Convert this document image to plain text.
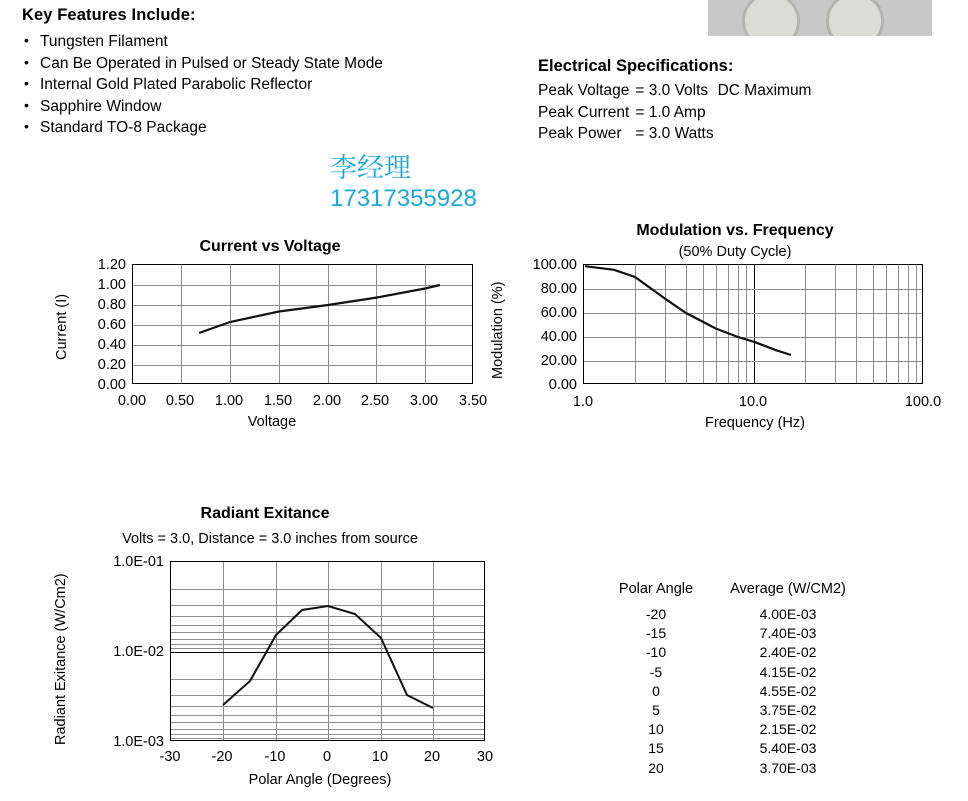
Key Features Include:
• Tungsten Filament
• Can Be Operated in Pulsed or Steady State Mode
• Internal Gold Plated Parabolic Reflector
• Sapphire Window
• Standard TO-8 Package
Electrical Specifications:
Peak Voltage	= 3.0 Volts	DC Maximum
Peak Current	= 1.0 Amp	
Peak Power	= 3.0 Watts	
李经理
17317355928
Current vs Voltage
0.00
0.20
0.40
0.60
0.80
1.00
1.20
0.00	0.50	1.00	1.50	2.00	2.50	3.00	3.50
Voltage
Current (I)
Modulation vs. Frequency
(50% Duty Cycle)
0.00
20.00
40.00
60.00
80.00
100.00
1.0	10.0	100.0
Frequency (Hz)
Modulation (%)
Radiant Exitance
Volts = 3.0, Distance = 3.0 inches from source
1.0E-01
1.0E-02
1.0E-03
-30	-20	-10	0	10	20	30
Polar Angle (Degrees)
Radiant Exitance (W/Cm2)	Polar Angle	Average (W/CM2)
-20	4.00E-03
-15	7.40E-03
-10	2.40E-02
-5	4.15E-02
0	4.55E-02
5	3.75E-02
10	2.15E-02
15	5.40E-03
20	3.70E-03
